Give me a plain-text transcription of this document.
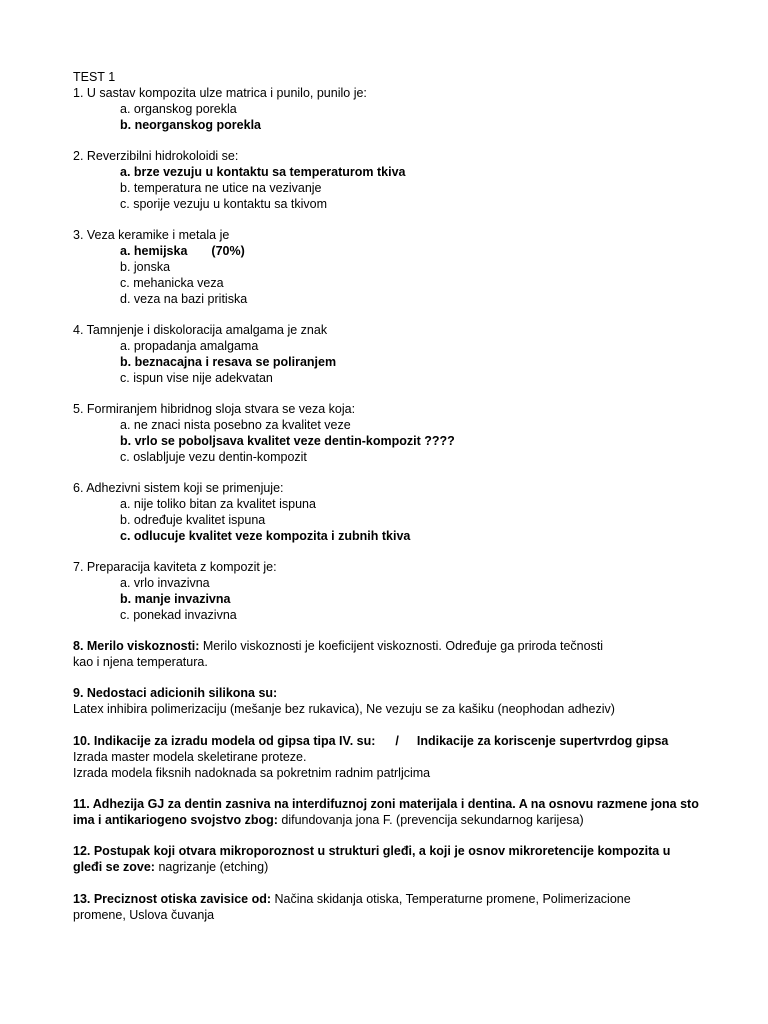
TEST 1
1. U sastav kompozita ulze matrica i punilo, punilo je:
a. organskog porekla
b. neorganskog porekla
2. Reverzibilni hidrokoloidi se:
a. brze vezuju u kontaktu sa temperaturom tkiva
b. temperatura ne utice na vezivanje
c. sporije vezuju u kontaktu sa tkivom
3. Veza keramike i metala je
a. hemijska (70%)
b. jonska
c. mehanicka veza
d. veza na bazi pritiska
4. Tamnjenje i diskoloracija amalgama je znak
a. propadanja amalgama
b. beznacajna i resava se poliranjem
c. ispun vise nije adekvatan
5. Formiranjem hibridnog sloja stvara se veza koja:
a. ne znaci nista posebno za kvalitet veze
b. vrlo se poboljsava kvalitet veze dentin-kompozit ????
c. oslabljuje vezu dentin-kompozit
6. Adhezivni sistem koji se primenjuje:
a. nije toliko bitan za kvalitet ispuna
b. određuje kvalitet ispuna
c. odlucuje kvalitet veze kompozita i zubnih tkiva
7. Preparacija kaviteta z kompozit je:
a. vrlo invazivna
b. manje invazivna
c. ponekad invazivna
8. Merilo viskoznosti: Merilo viskoznosti je koeficijent viskoznosti. Određuje ga priroda tečnosti
kao i njena temperatura.
9. Nedostaci adicionih silikona su:
Latex inhibira polimerizaciju (mešanje bez rukavica), Ne vezuju se za kašiku (neophodan adheziv)
10. Indikacije za izradu modela od gipsa tipa IV. su: / Indikacije za koriscenje supertvrdog gipsa
Izrada master modela skeletirane proteze.
Izrada modela fiksnih nadoknada sa pokretnim radnim patrljcima
11. Adhezija GJ za dentin zasniva na interdifuznoj zoni materijala i dentina. A na osnovu razmene jona sto
ima i antikariogeno svojstvo zbog: difundovanja jona F. (prevencija sekundarnog karijesa)
12. Postupak koji otvara mikroporoznost u strukturi gleđi, a koji je osnov mikroretencije kompozita u
gleđi se zove: nagrizanje (etching)
13. Preciznost otiska zavisice od: Načina skidanja otiska, Temperaturne promene, Polimerizacione
promene, Uslova čuvanja
